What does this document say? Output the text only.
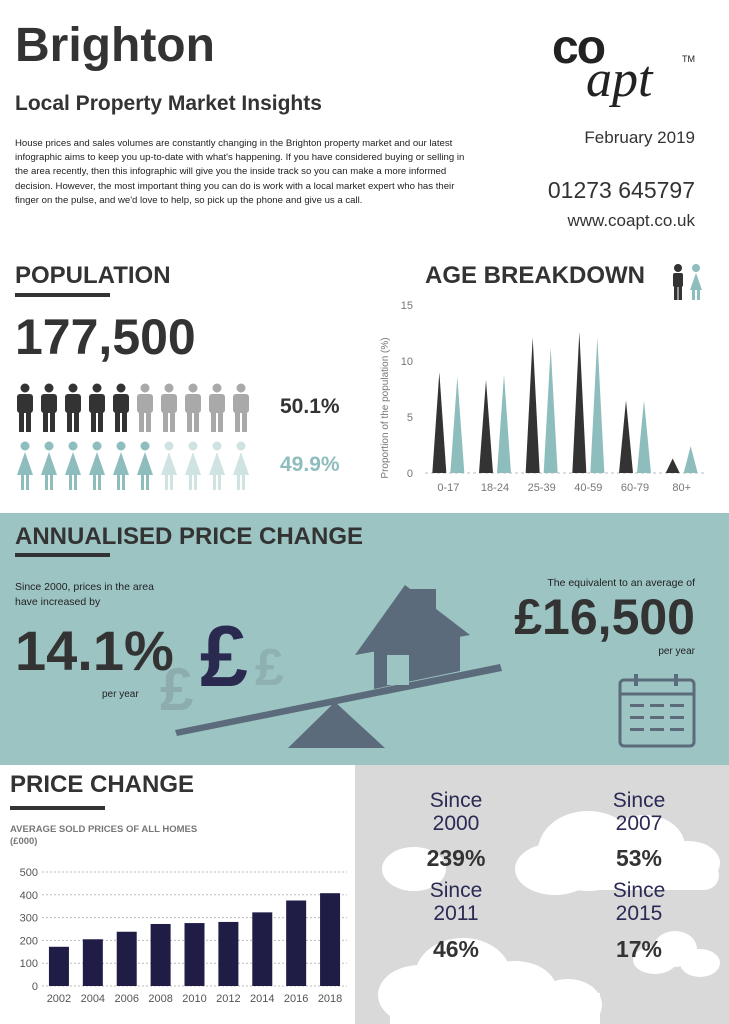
Brighton
Local Property Market Insights
House prices and sales volumes are constantly changing in the Brighton property market and our latest infographic aims to keep you up-to-date with what's happening. If you have considered buying or selling in the area recently, then this infographic will give you the inside track so you can make a more informed decision. However, the most important thing you can do is work with a local market expert who has their finger on the pulse, and we'd love to help, so pick up the phone and give us a call.
co
apt	TM
February 2019
01273 645797
www.coapt.co.uk
POPULATION
177,500
50.1%
49.9%
AGE BREAKDOWN
Proportion of the population (%) 0
5
10
15
0-17 18-24 25-39 40-59 60-79 80+
ANNUALISED PRICE CHANGE
Since 2000, prices in the area have increased by
14.1%
per year
The equivalent to an average of
£16,500
per year
£ £
£
PRICE CHANGE
AVERAGE SOLD PRICES OF ALL HOMES
(£000)
0
100
200
300
400
500
2002 2004 2006 2008 2010 2012 2014 2016 2018
Since
2000
239%
Since
2007
53%
Since
2011
46%
Since
2015
17%
